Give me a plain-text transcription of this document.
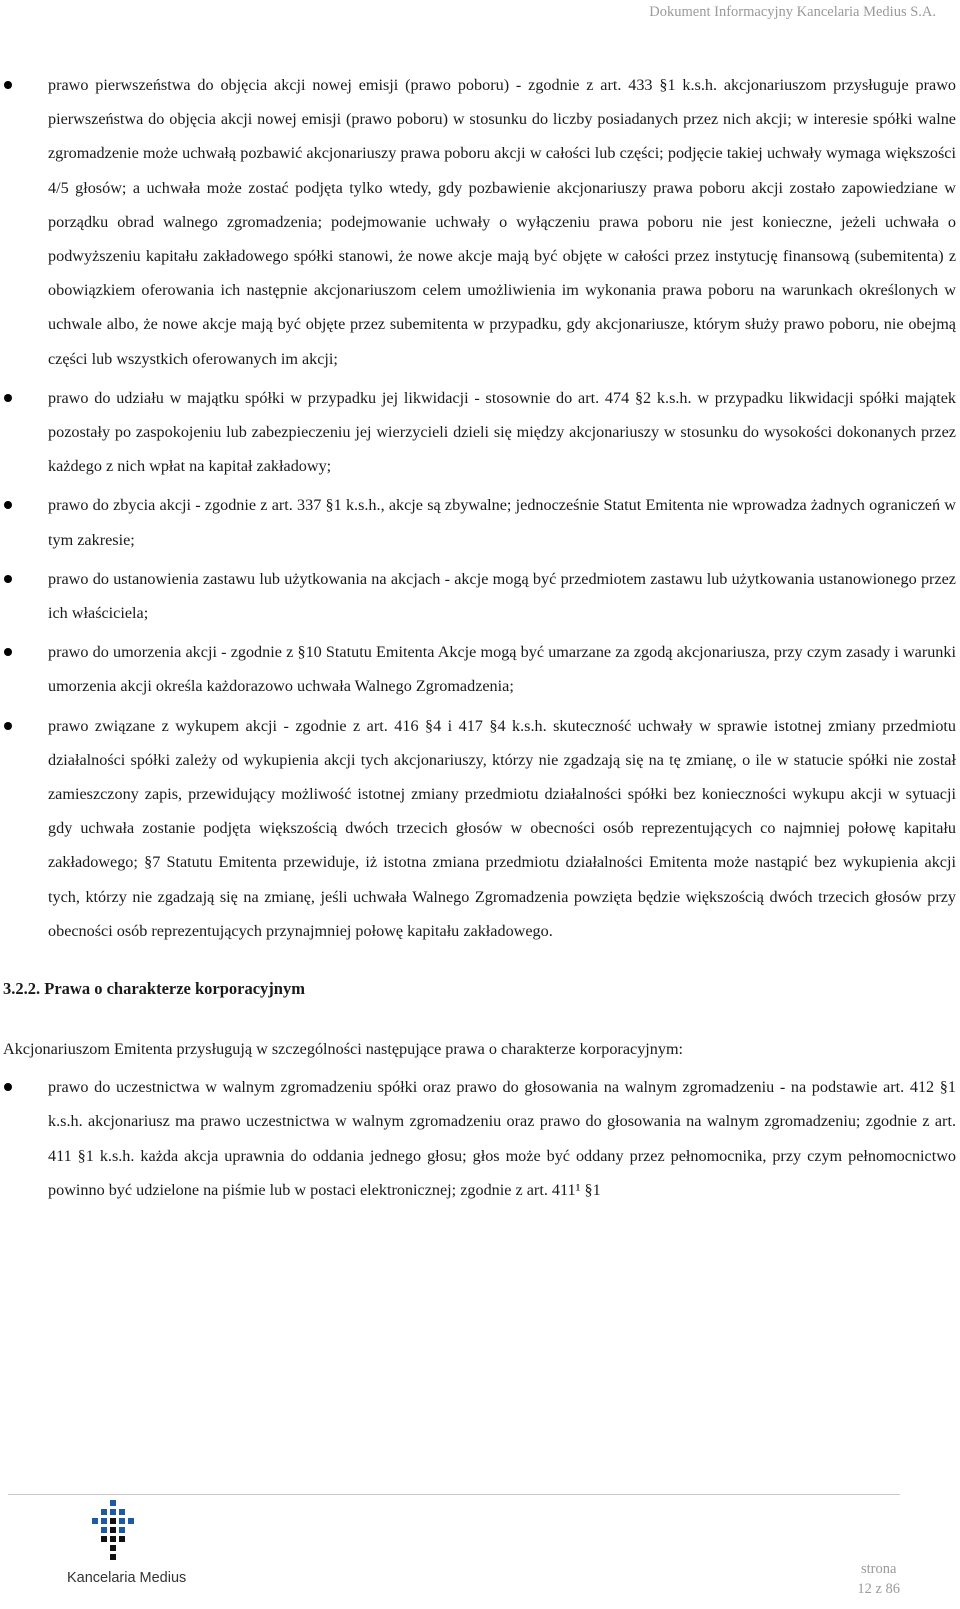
Dokument Informacyjny Kancelaria Medius S.A.
prawo pierwszeństwa do objęcia akcji nowej emisji (prawo poboru) - zgodnie z art. 433 §1 k.s.h. akcjonariuszom przysługuje prawo pierwszeństwa do objęcia akcji nowej emisji (prawo poboru) w stosunku do liczby posiadanych przez nich akcji; w interesie spółki walne zgromadzenie może uchwałą pozbawić akcjonariuszy prawa poboru akcji w całości lub części; podjęcie takiej uchwały wymaga większości 4/5 głosów; a uchwała może zostać podjęta tylko wtedy, gdy pozbawienie akcjonariuszy prawa poboru akcji zostało zapowiedziane w porządku obrad walnego zgromadzenia; podejmowanie uchwały o wyłączeniu prawa poboru nie jest konieczne, jeżeli uchwała o podwyższeniu kapitału zakładowego spółki stanowi, że nowe akcje mają być objęte w całości przez instytucję finansową (subemitenta) z obowiązkiem oferowania ich następnie akcjonariuszom celem umożliwienia im wykonania prawa poboru na warunkach określonych w uchwale albo, że nowe akcje mają być objęte przez subemitenta w przypadku, gdy akcjonariusze, którym służy prawo poboru, nie obejmą części lub wszystkich oferowanych im akcji;
prawo do udziału w majątku spółki w przypadku jej likwidacji - stosownie do art. 474 §2 k.s.h. w przypadku likwidacji spółki majątek pozostały po zaspokojeniu lub zabezpieczeniu jej wierzycieli dzieli się między akcjonariuszy w stosunku do wysokości dokonanych przez każdego z nich wpłat na kapitał zakładowy;
prawo do zbycia akcji - zgodnie z art. 337 §1 k.s.h., akcje są zbywalne; jednocześnie Statut Emitenta nie wprowadza żadnych ograniczeń w tym zakresie;
prawo do ustanowienia zastawu lub użytkowania na akcjach - akcje mogą być przedmiotem zastawu lub użytkowania ustanowionego przez ich właściciela;
prawo do umorzenia akcji - zgodnie z §10 Statutu Emitenta Akcje mogą być umarzane za zgodą akcjonariusza, przy czym zasady i warunki umorzenia akcji określa każdorazowo uchwała Walnego Zgromadzenia;
prawo związane z wykupem akcji - zgodnie z art. 416 §4 i 417 §4 k.s.h. skuteczność uchwały w sprawie istotnej zmiany przedmiotu działalności spółki zależy od wykupienia akcji tych akcjonariuszy, którzy nie zgadzają się na tę zmianę, o ile w statucie spółki nie został zamieszczony zapis, przewidujący możliwość istotnej zmiany przedmiotu działalności spółki bez konieczności wykupu akcji w sytuacji gdy uchwała zostanie podjęta większością dwóch trzecich głosów w obecności osób reprezentujących co najmniej połowę kapitału zakładowego; §7 Statutu Emitenta przewiduje, iż istotna zmiana przedmiotu działalności Emitenta może nastąpić bez wykupienia akcji tych, którzy nie zgadzają się na zmianę, jeśli uchwała Walnego Zgromadzenia powzięta będzie większością dwóch trzecich głosów przy obecności osób reprezentujących przynajmniej połowę kapitału zakładowego.
3.2.2. Prawa o charakterze korporacyjnym
Akcjonariuszom Emitenta przysługują w szczególności następujące prawa o charakterze korporacyjnym:
prawo do uczestnictwa w walnym zgromadzeniu spółki oraz prawo do głosowania na walnym zgromadzeniu - na podstawie art. 412 §1 k.s.h. akcjonariusz ma prawo uczestnictwa w walnym zgromadzeniu oraz prawo do głosowania na walnym zgromadzeniu; zgodnie z art. 411 §1 k.s.h. każda akcja uprawnia do oddania jednego głosu; głos może być oddany przez pełnomocnika, przy czym pełnomocnictwo powinno być udzielone na piśmie lub w postaci elektronicznej; zgodnie z art. 411¹ §1
Kancelaria Medius
strona
12 z 86
